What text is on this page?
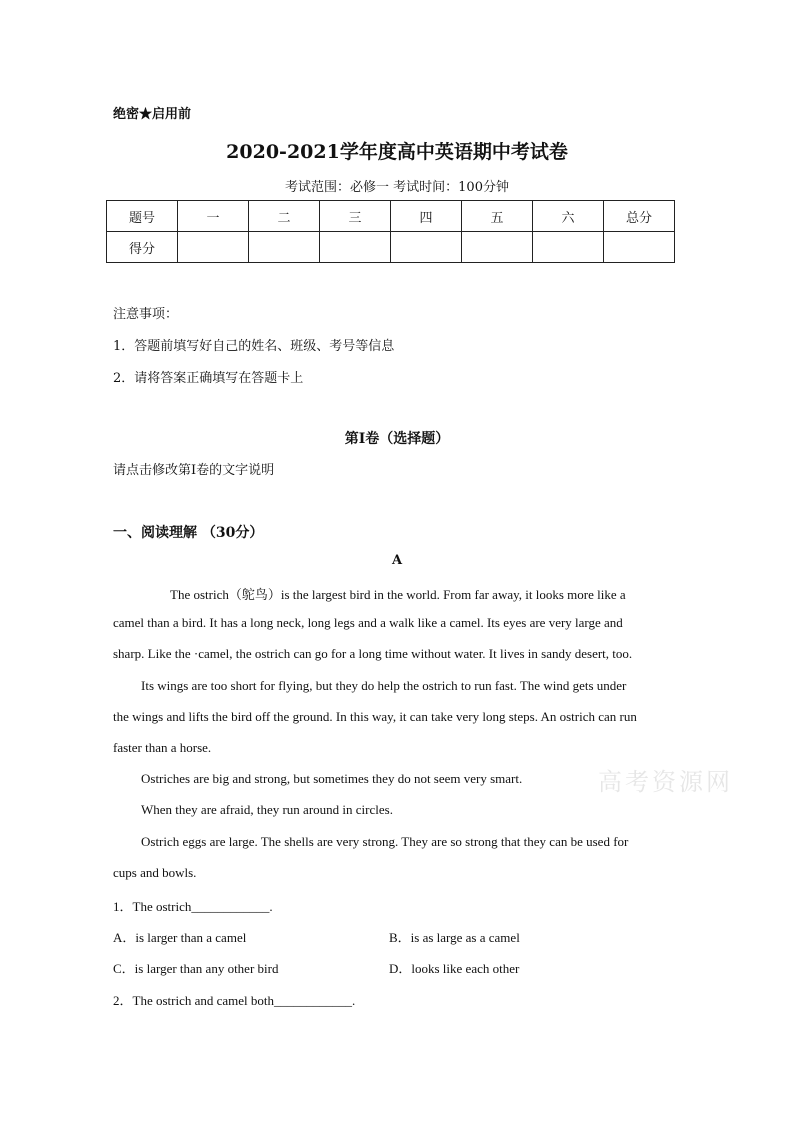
绝密★启用前
2020-2021学年度高中英语期中考试卷
考试范围：必修一 考试时间：100分钟
题号	一	二	三	四	五	六	总分
得分							
注意事项：
1．答题前填写好自己的姓名、班级、考号等信息
2．请将答案正确填写在答题卡上
第I卷（选择题）
请点击修改第I卷的文字说明
一、阅读理解 （30分）
A
The ostrich（鸵鸟）is the largest bird in the world. From far away, it looks more like a
camel than a bird. It has a long neck, long legs and a walk like a camel. Its eyes are very large and
sharp. Like the ·camel, the ostrich can go for a long time without water. It lives in sandy desert, too.
Its wings are too short for flying, but they do help the ostrich to run fast. The wind gets under
the wings and lifts the bird off the ground. In this way, it can take very long steps. An ostrich can run
faster than a horse.
Ostriches are big and strong, but sometimes they do not seem very smart.
When they are afraid, they run around in circles.
Ostrich eggs are large. The shells are very strong. They are so strong that they can be used for
cups and bowls.
高考资源网
1．The ostrich____________.
A．is larger than a camel	B．is as large as a camel
C．is larger than any other bird	D．looks like each other
2．The ostrich and camel both____________.
